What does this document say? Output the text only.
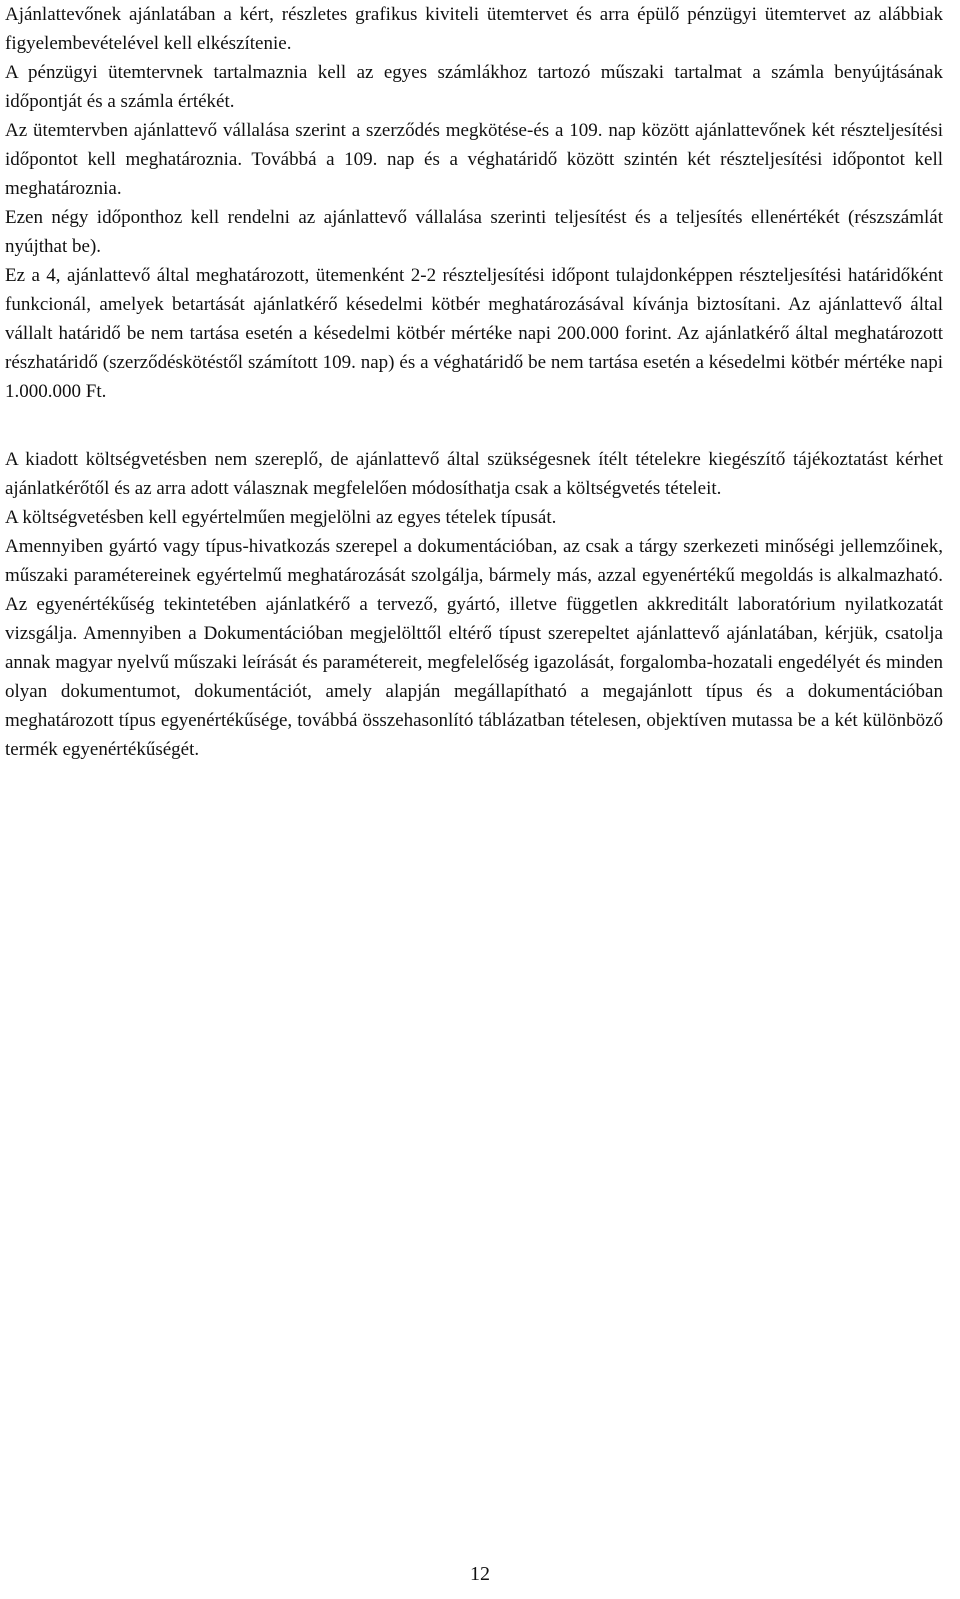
Ajánlattevőnek ajánlatában a kért, részletes grafikus kiviteli ütemtervet és arra épülő pénzügyi ütemtervet az alábbiak figyelembevételével kell elkészítenie.

A pénzügyi ütemtervnek tartalmaznia kell az egyes számlákhoz tartozó műszaki tartalmat a számla benyújtásának időpontját és a számla értékét.

Az ütemtervben ajánlattevő vállalása szerint a szerződés megkötése-és a 109. nap között ajánlattevőnek két részteljesítési időpontot kell meghatároznia. Továbbá a 109. nap és a véghatáridő között szintén két részteljesítési időpontot kell meghatároznia.

Ezen négy időponthoz kell rendelni az ajánlattevő vállalása szerinti teljesítést és a teljesítés ellenértékét (részszámlát nyújthat be).

Ez a 4, ajánlattevő által meghatározott, ütemenként 2-2 részteljesítési időpont tulajdonképpen részteljesítési határidőként funkcionál, amelyek betartását ajánlatkérő késedelmi kötbér meghatározásával kívánja biztosítani. Az ajánlattevő által vállalt határidő be nem tartása esetén a késedelmi kötbér mértéke napi 200.000 forint. Az ajánlatkérő által meghatározott részhatáridő (szerződéskötéstől számított 109. nap) és a véghatáridő be nem tartása esetén a késedelmi kötbér mértéke napi 1.000.000 Ft.

A kiadott költségvetésben nem szereplő, de ajánlattevő által szükségesnek ítélt tételekre kiegészítő tájékoztatást kérhet ajánlatkérőtől és az arra adott válasznak megfelelően módosíthatja csak a költségvetés tételeit.

A költségvetésben kell egyértelműen megjelölni az egyes tételek típusát.

Amennyiben gyártó vagy típus-hivatkozás szerepel a dokumentációban, az csak a tárgy szerkezeti minőségi jellemzőinek, műszaki paramétereinek egyértelmű meghatározását szolgálja, bármely más, azzal egyenértékű megoldás is alkalmazható. Az egyenértékűség tekintetében ajánlatkérő a tervező, gyártó, illetve független akkreditált laboratórium nyilatkozatát vizsgálja. Amennyiben a Dokumentációban megjelölttől eltérő típust szerepeltet ajánlattevő ajánlatában, kérjük, csatolja annak magyar nyelvű műszaki leírását és paramétereit, megfelelőség igazolását, forgalomba-hozatali engedélyét és minden olyan dokumentumot, dokumentációt, amely alapján megállapítható a megajánlott típus és a dokumentációban meghatározott típus egyenértékűsége, továbbá összehasonlító táblázatban tételesen, objektíven mutassa be a két különböző termék egyenértékűségét.

12
